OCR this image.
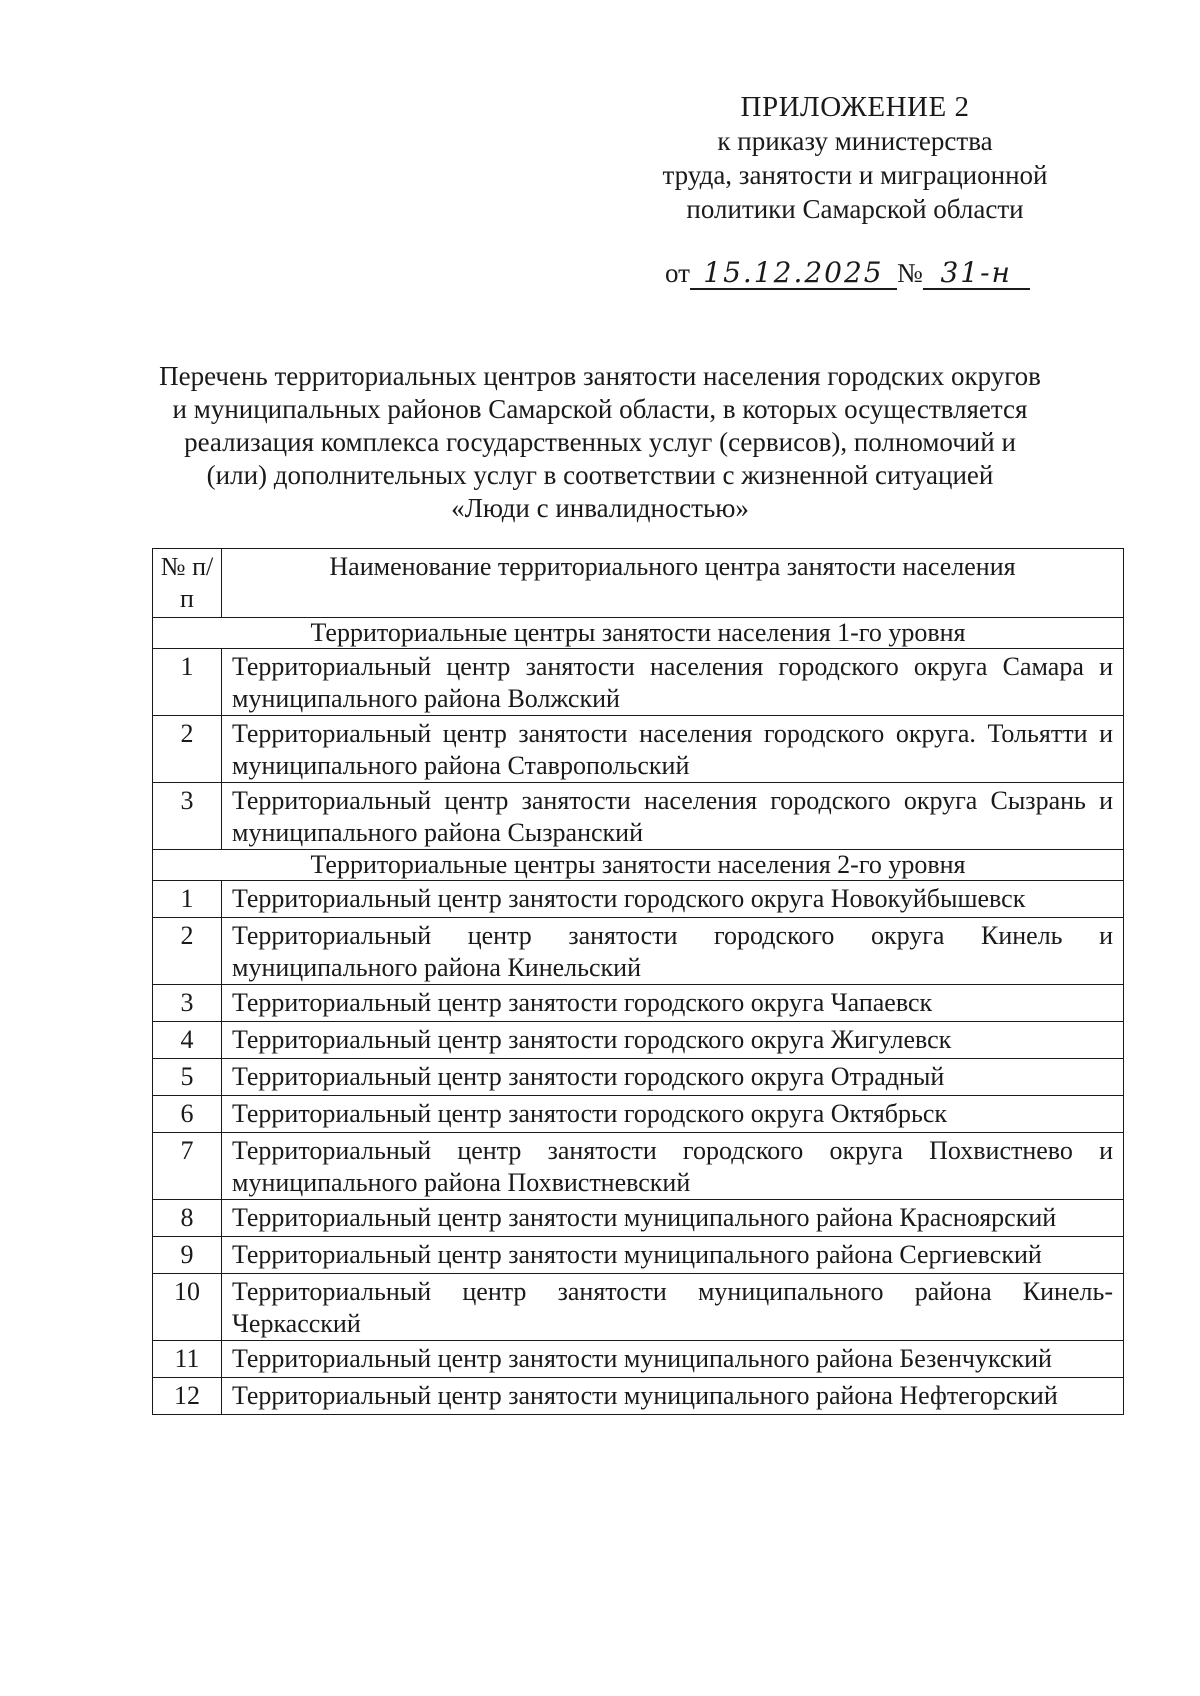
ПРИЛОЖЕНИЕ 2
к приказу министерства
труда, занятости и миграционной
политики Самарской области
от 15.12.2025 № 31-н
Перечень территориальных центров занятости населения городских округов
и муниципальных районов Самарской области, в которых осуществляется
реализация комплекса государственных услуг (сервисов), полномочий и
(или) дополнительных услуг в соответствии с жизненной ситуацией
«Люди с инвалидностью»
№ п/п	Наименование территориального центра занятости населения
Территориальные центры занятости населения 1-го уровня	
1	Территориальный центр занятости населения городского округа Самара и муниципального района Волжский
2	Территориальный центр занятости населения городского округа. Тольятти и муниципального района Ставропольский
3	Территориальный центр занятости населения городского округа Сызрань и муниципального района Сызранский
Территориальные центры занятости населения 2-го уровня	
1	Территориальный центр занятости городского округа Новокуйбышевск
2	Территориальный центр занятости городского округа Кинель и муниципального района Кинельский
3	Территориальный центр занятости городского округа Чапаевск
4	Территориальный центр занятости городского округа Жигулевск
5	Территориальный центр занятости городского округа Отрадный
6	Территориальный центр занятости городского округа Октябрьск
7	Территориальный центр занятости городского округа Похвистнево и муниципального района Похвистневский
8	Территориальный центр занятости муниципального района Красноярский
9	Территориальный центр занятости муниципального района Сергиевский
10	Территориальный центр занятости муниципального района Кинель-Черкасский
11	Территориальный центр занятости муниципального района Безенчукский
12	Территориальный центр занятости муниципального района Нефтегорский
